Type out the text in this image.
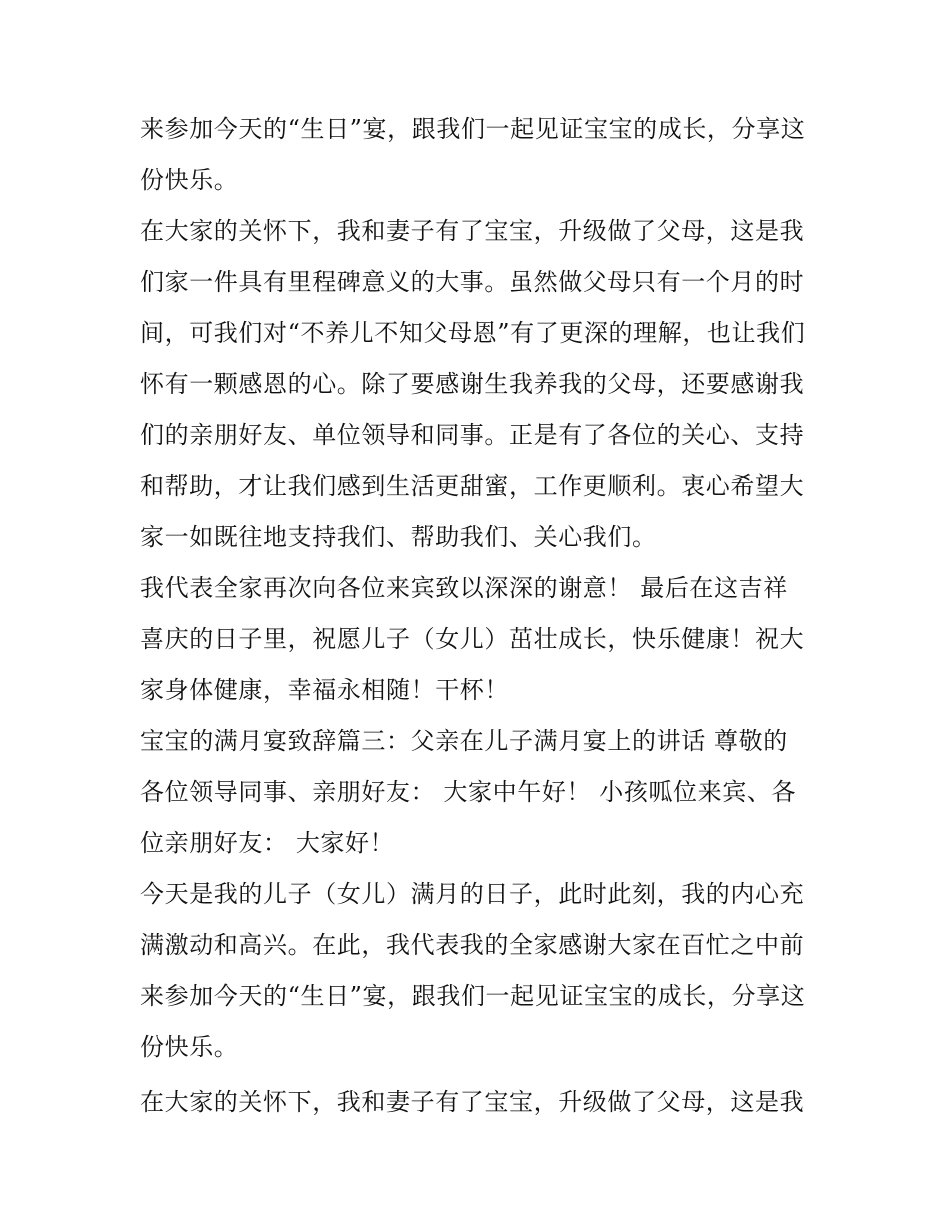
来参加今天的“生日”宴，跟我们一起见证宝宝的成长，分享这
份快乐。
在大家的关怀下，我和妻子有了宝宝，升级做了父母，这是我
们家一件具有里程碑意义的大事。虽然做父母只有一个月的时
间，可我们对“不养儿不知父母恩”有了更深的理解，也让我们
怀有一颗感恩的心。除了要感谢生我养我的父母，还要感谢我
们的亲朋好友、单位领导和同事。正是有了各位的关心、支持
和帮助，才让我们感到生活更甜蜜，工作更顺利。衷心希望大
家一如既往地支持我们、帮助我们、关心我们。
我代表全家再次向各位来宾致以深深的谢意！ 最后在这吉祥
喜庆的日子里，祝愿儿子（女儿）茁壮成长，快乐健康！祝大
家身体健康，幸福永相随！干杯！
宝宝的满月宴致辞篇三：父亲在儿子满月宴上的讲话 尊敬的
各位领导同事、亲朋好友： 大家中午好！ 小孩呱位来宾、各
位亲朋好友： 大家好！
今天是我的儿子（女儿）满月的日子，此时此刻，我的内心充
满激动和高兴。在此，我代表我的全家感谢大家在百忙之中前
来参加今天的“生日”宴，跟我们一起见证宝宝的成长，分享这
份快乐。
在大家的关怀下，我和妻子有了宝宝，升级做了父母，这是我
